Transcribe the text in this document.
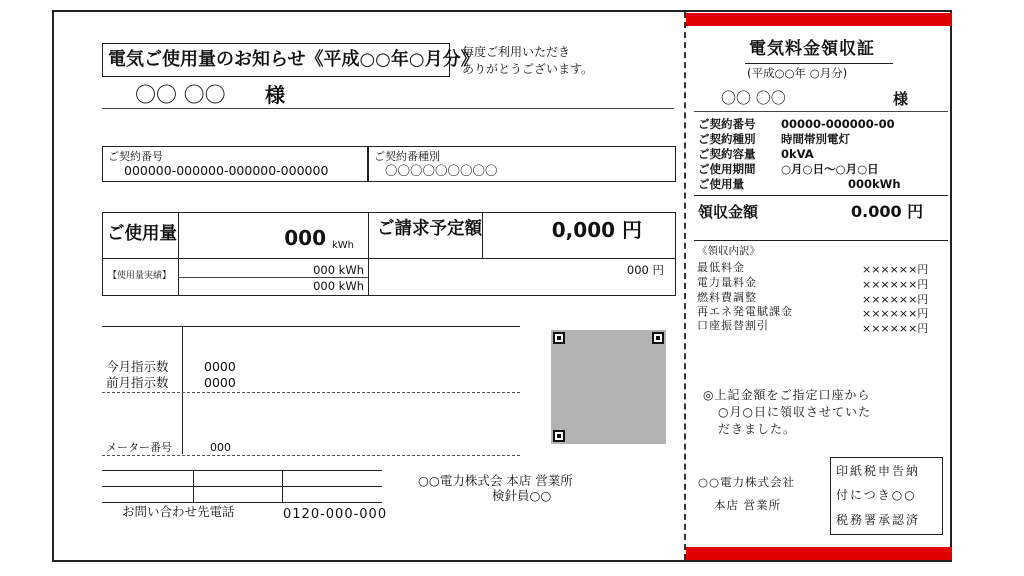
電気ご使用量のお知らせ《平成○○年○月分》
毎度ご利用いただき
ありがとうございます。
〇〇 〇〇 様
ご契約番号
000000-000000-000000-000000
ご契約番種別
〇〇〇〇〇〇〇〇〇
ご使用量	000 kWh
ご請求予定額	0,000 円
【使用量実績】	000 kWh
000 kWh
000 円
今月指示数	0000
前月指示数	0000
メーター番号	000
お問い合わせ先電話	0120-000-000
○○電力株式会 本店 営業所
検針員○○
電気料金領収証
(平成○○年 ○月分)
〇〇 〇〇	様
ご契約番号 00000-000000-00
ご契約種別 時間帯別電灯
ご契約容量 0kVA
ご使用期間 ○月○日〜○月○日
ご使用量	000kWh
領収金額	0.000 円
《領収内訳》
最低料金	××××××円
電力量料金	××××××円
燃料費調整	××××××円
再エネ発電賦課金	××××××円
口座振替割引	××××××円
◎上記金額をご指定口座から
○月○日に領収させていた
だきました。
○○電力株式会社
本店 営業所
印紙税申告納
付につき○○
税務署承認済
